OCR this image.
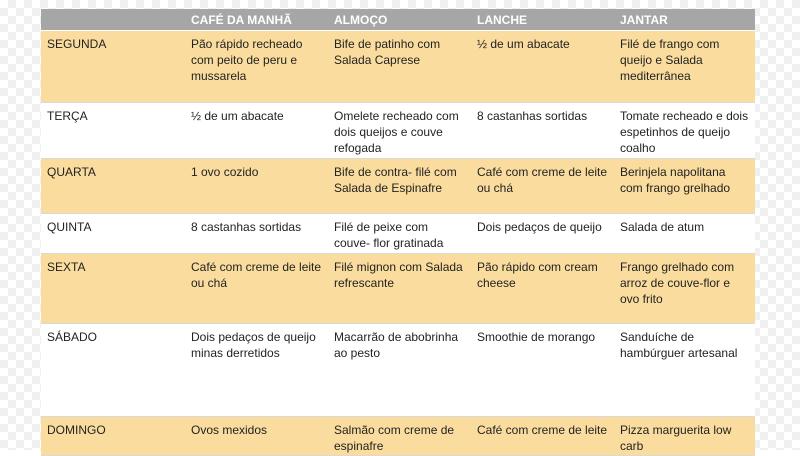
	CAFÉ DA MANHÃ	ALMOÇO	LANCHE	JANTAR
SEGUNDA	Pão rápido recheado com peito de peru e mussarela	Bife de patinho com Salada Caprese	½ de um abacate	Filé de frango com queijo e Salada mediterrânea
TERÇA	½ de um abacate	Omelete recheado com dois queijos e couve refogada	8 castanhas sortidas	Tomate recheado e dois espetinhos de queijo coalho
QUARTA	1 ovo cozido	Bife de contra- filé com Salada de Espinafre	Café com creme de leite ou chá	Berinjela napolitana com frango grelhado
QUINTA	8 castanhas sortidas	Filé de peixe com couve- flor gratinada	Dois pedaços de queijo	Salada de atum
SEXTA	Café com creme de leite ou chá	Filé mignon com Salada refrescante	Pão rápido com cream cheese	Frango grelhado com arroz de couve-flor e ovo frito
SÁBADO	Dois pedaços de queijo minas derretidos	Macarrão de abobrinha ao pesto	Smoothie de morango	Sanduíche de hambúrguer artesanal
DOMINGO	Ovos mexidos	Salmão com creme de espinafre	Café com creme de leite	Pizza marguerita low carb
